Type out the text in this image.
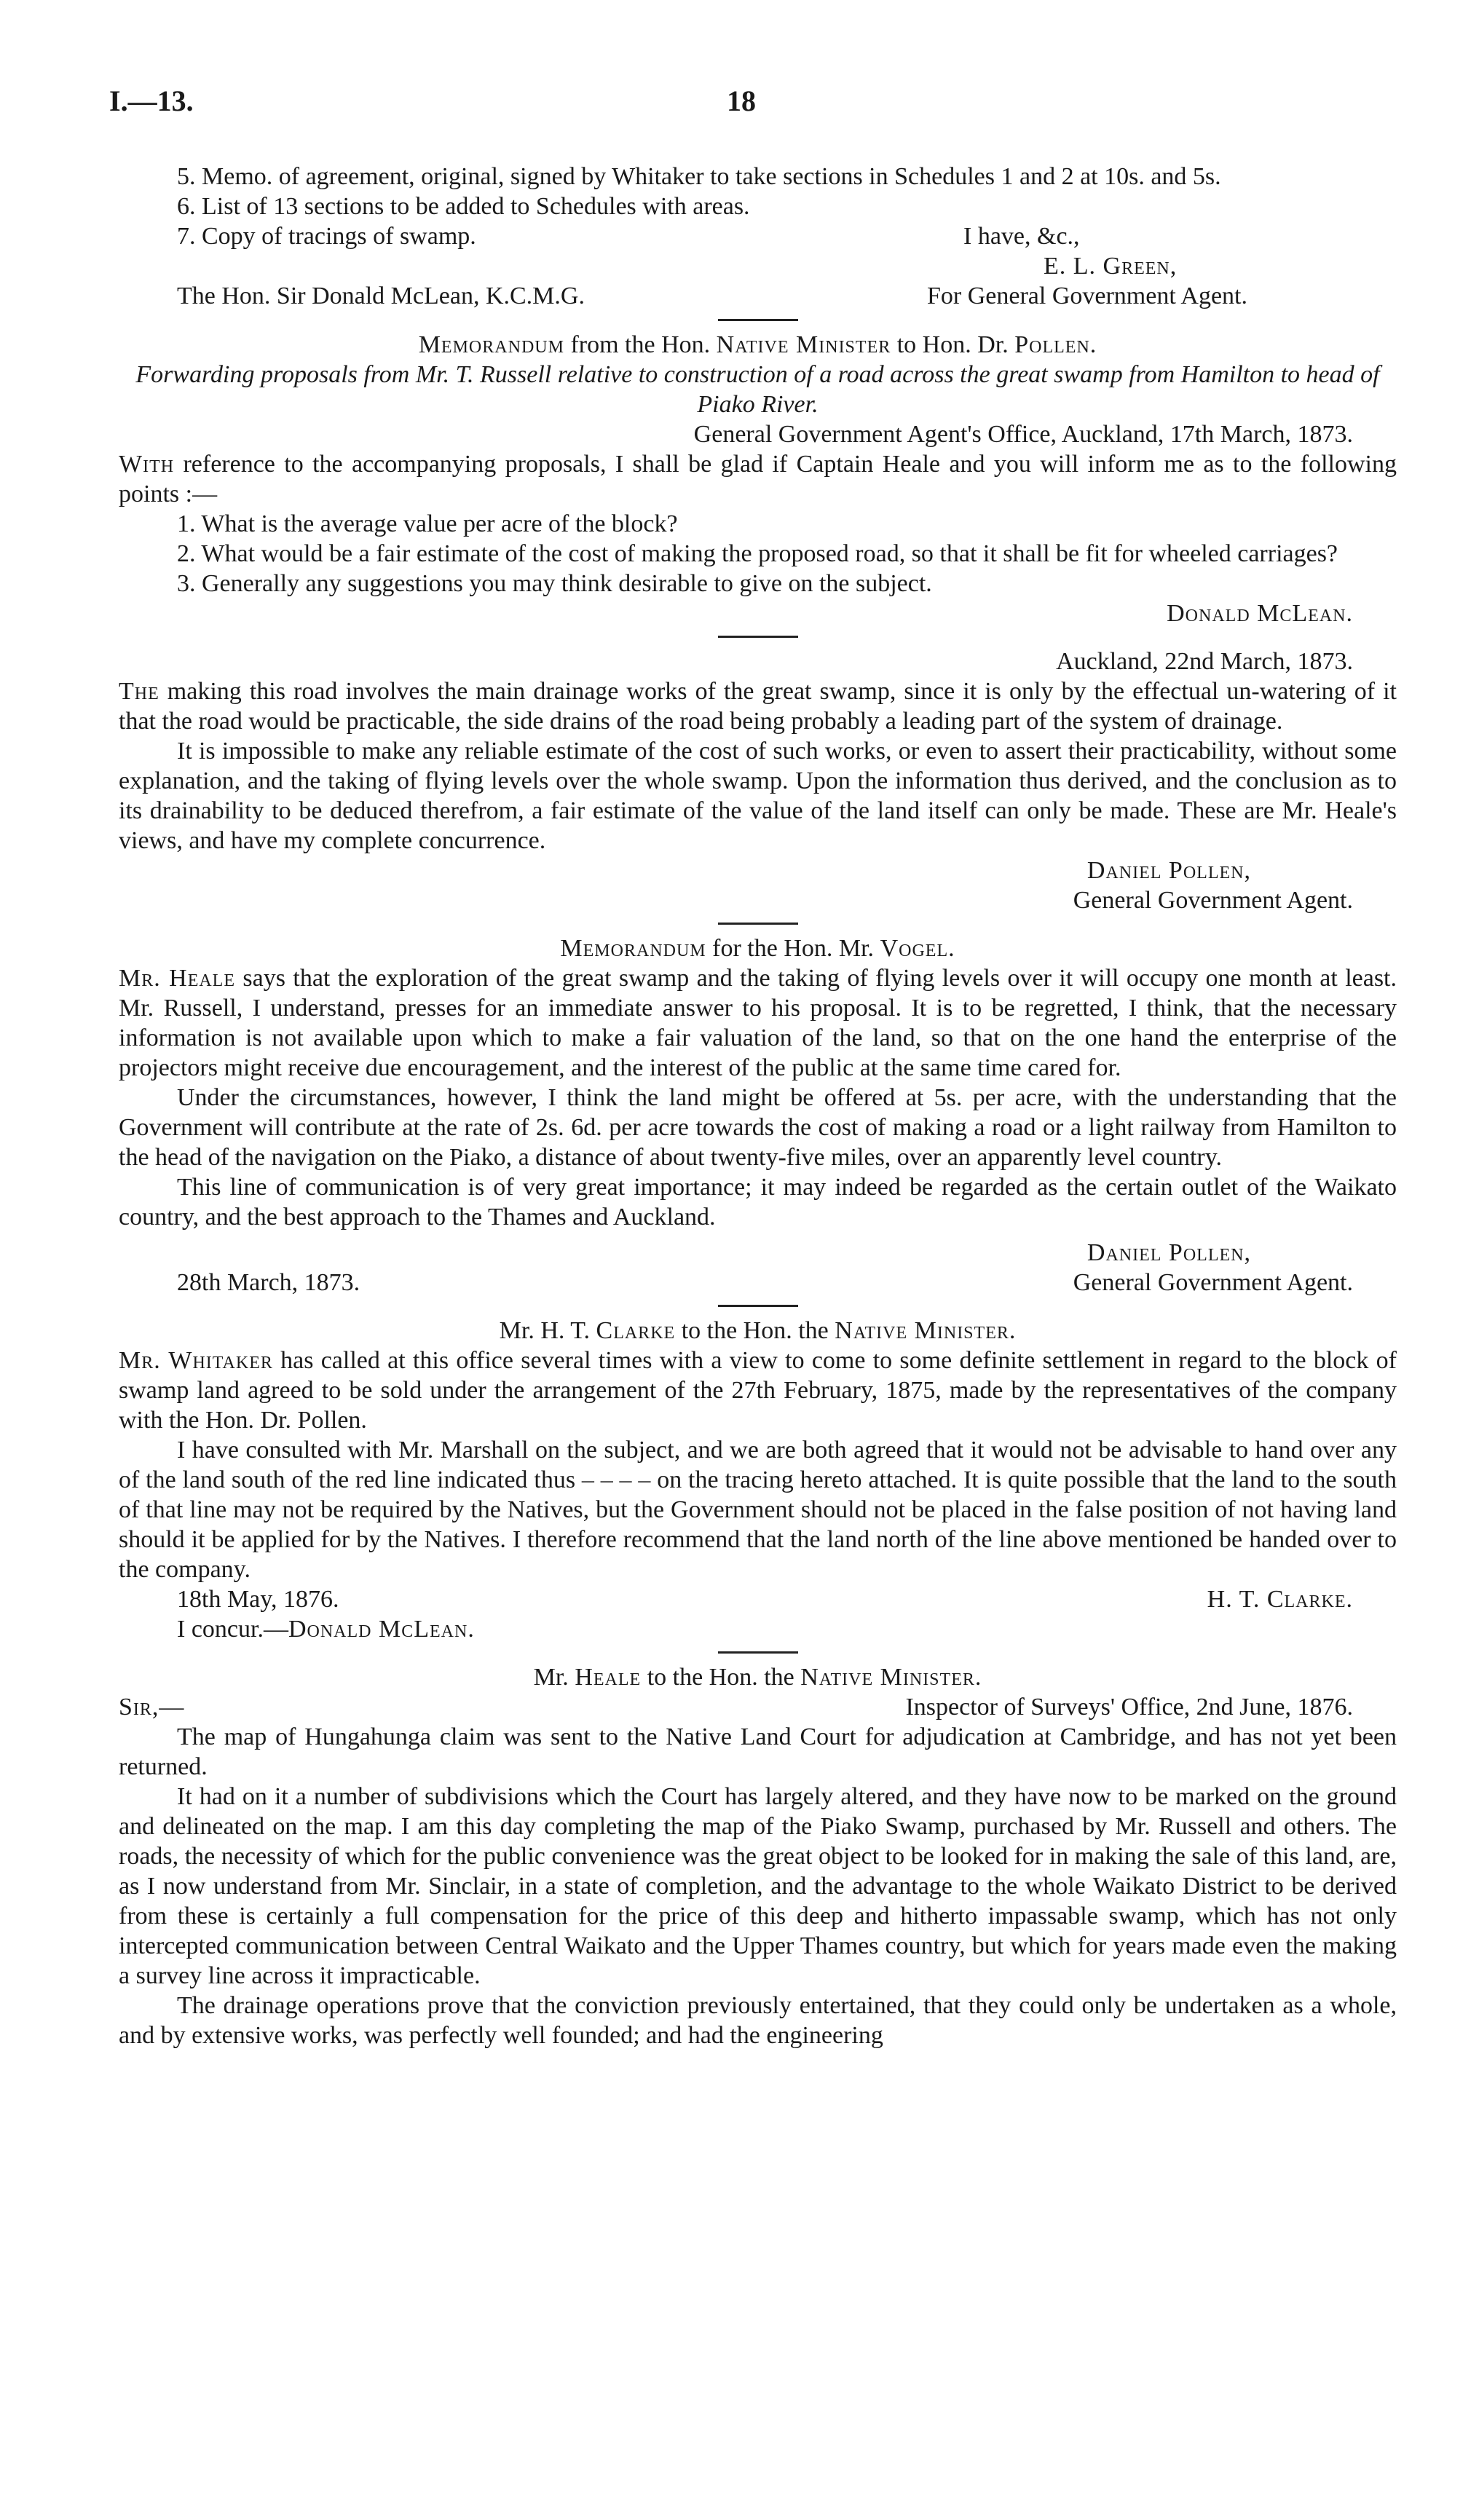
I.—13.	18

5. Memo. of agreement, original, signed by Whitaker to take sections in Schedules 1 and 2 at 10s. and 5s.

6. List of 13 sections to be added to Schedules with areas.

7. Copy of tracings of swamp.	I have, &c.,
E. L. Green,
The Hon. Sir Donald McLean, K.C.M.G.	For General Government Agent.

Memorandum from the Hon. Native Minister to Hon. Dr. Pollen.

Forwarding proposals from Mr. T. Russell relative to construction of a road across the great swamp from Hamilton to head of Piako River.

General Government Agent's Office, Auckland, 17th March, 1873.

With reference to the accompanying proposals, I shall be glad if Captain Heale and you will inform me as to the following points :—

1. What is the average value per acre of the block?

2. What would be a fair estimate of the cost of making the proposed road, so that it shall be fit for wheeled carriages?

3. Generally any suggestions you may think desirable to give on the subject.

Donald McLean.

Auckland, 22nd March, 1873.

The making this road involves the main drainage works of the great swamp, since it is only by the effectual un-watering of it that the road would be practicable, the side drains of the road being probably a leading part of the system of drainage.

It is impossible to make any reliable estimate of the cost of such works, or even to assert their practicability, without some explanation, and the taking of flying levels over the whole swamp. Upon the information thus derived, and the conclusion as to its drainability to be deduced therefrom, a fair estimate of the value of the land itself can only be made. These are Mr. Heale's views, and have my complete concurrence.

Daniel Pollen,

General Government Agent.

Memorandum for the Hon. Mr. Vogel.

Mr. Heale says that the exploration of the great swamp and the taking of flying levels over it will occupy one month at least. Mr. Russell, I understand, presses for an immediate answer to his proposal. It is to be regretted, I think, that the necessary information is not available upon which to make a fair valuation of the land, so that on the one hand the enterprise of the projectors might receive due encouragement, and the interest of the public at the same time cared for.

Under the circumstances, however, I think the land might be offered at 5s. per acre, with the understanding that the Government will contribute at the rate of 2s. 6d. per acre towards the cost of making a road or a light railway from Hamilton to the head of the navigation on the Piako, a distance of about twenty-five miles, over an apparently level country.

This line of communication is of very great importance; it may indeed be regarded as the certain outlet of the Waikato country, and the best approach to the Thames and Auckland.

Daniel Pollen,

28th March, 1873.	General Government Agent.

Mr. H. T. Clarke to the Hon. the Native Minister.

Mr. Whitaker has called at this office several times with a view to come to some definite settlement in regard to the block of swamp land agreed to be sold under the arrangement of the 27th February, 1875, made by the representatives of the company with the Hon. Dr. Pollen.

I have consulted with Mr. Marshall on the subject, and we are both agreed that it would not be advisable to hand over any of the land south of the red line indicated thus – – – – on the tracing hereto attached. It is quite possible that the land to the south of that line may not be required by the Natives, but the Government should not be placed in the false position of not having land should it be applied for by the Natives. I therefore recommend that the land north of the line above mentioned be handed over to the company.

18th May, 1876.	H. T. Clarke.

I concur.—Donald McLean.

Mr. Heale to the Hon. the Native Minister.

Sir,—	Inspector of Surveys' Office, 2nd June, 1876.

The map of Hungahunga claim was sent to the Native Land Court for adjudication at Cambridge, and has not yet been returned.

It had on it a number of subdivisions which the Court has largely altered, and they have now to be marked on the ground and delineated on the map. I am this day completing the map of the Piako Swamp, purchased by Mr. Russell and others. The roads, the necessity of which for the public convenience was the great object to be looked for in making the sale of this land, are, as I now understand from Mr. Sinclair, in a state of completion, and the advantage to the whole Waikato District to be derived from these is certainly a full compensation for the price of this deep and hitherto impassable swamp, which has not only intercepted communication between Central Waikato and the Upper Thames country, but which for years made even the making a survey line across it impracticable.

The drainage operations prove that the conviction previously entertained, that they could only be undertaken as a whole, and by extensive works, was perfectly well founded; and had the engineering
